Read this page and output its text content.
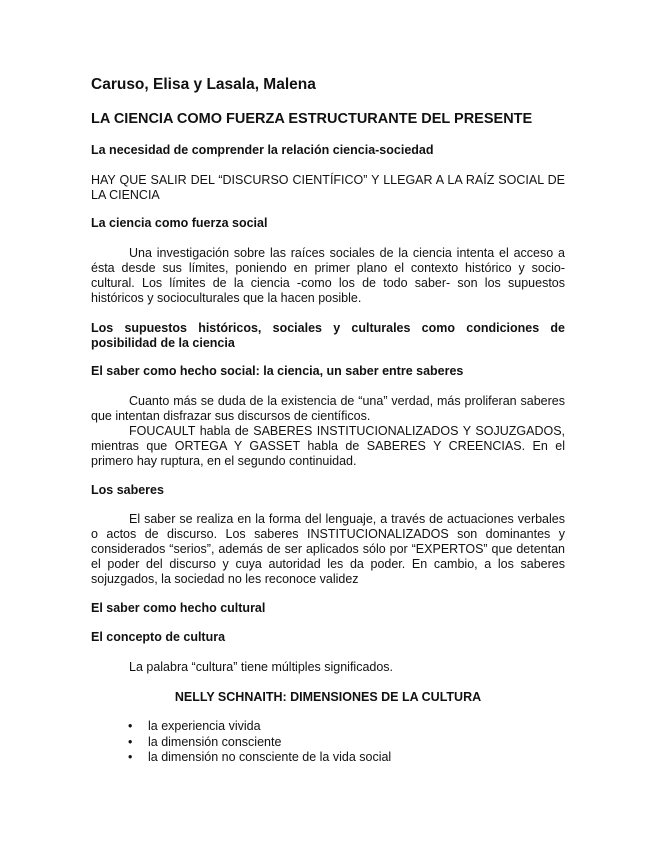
Caruso, Elisa y Lasala, Malena

LA CIENCIA COMO FUERZA ESTRUCTURANTE DEL PRESENTE

La necesidad de comprender la relación ciencia-sociedad

HAY QUE SALIR DEL “DISCURSO CIENTÍFICO” Y LLEGAR A LA RAÍZ SOCIAL DE LA CIENCIA

La ciencia como fuerza social

Una investigación sobre las raíces sociales de la ciencia intenta el acceso a ésta desde sus límites, poniendo en primer plano el contexto histórico y socio-cultural. Los límites de la ciencia -como los de todo saber- son los supuestos históricos y socioculturales que la hacen posible.

Los supuestos históricos, sociales y culturales como condiciones de posibilidad de la ciencia

El saber como hecho social: la ciencia, un saber entre saberes

Cuanto más se duda de la existencia de “una” verdad, más proliferan saberes que intentan disfrazar sus discursos de científicos.

FOUCAULT habla de SABERES INSTITUCIONALIZADOS Y SOJUZGADOS, mientras que ORTEGA Y GASSET habla de SABERES Y CREENCIAS. En el primero hay ruptura, en el segundo continuidad.

Los saberes

El saber se realiza en la forma del lenguaje, a través de actuaciones verbales o actos de discurso. Los saberes INSTITUCIONALIZADOS son dominantes y considerados “serios”, además de ser aplicados sólo por “EXPERTOS” que detentan el poder del discurso y cuya autoridad les da poder. En cambio, a los saberes sojuzgados, la sociedad no les reconoce validez

El saber como hecho cultural

El concepto de cultura

La palabra “cultura” tiene múltiples significados.

NELLY SCHNAITH: DIMENSIONES DE LA CULTURA

• la experiencia vivida
• la dimensión consciente
• la dimensión no consciente de la vida social
